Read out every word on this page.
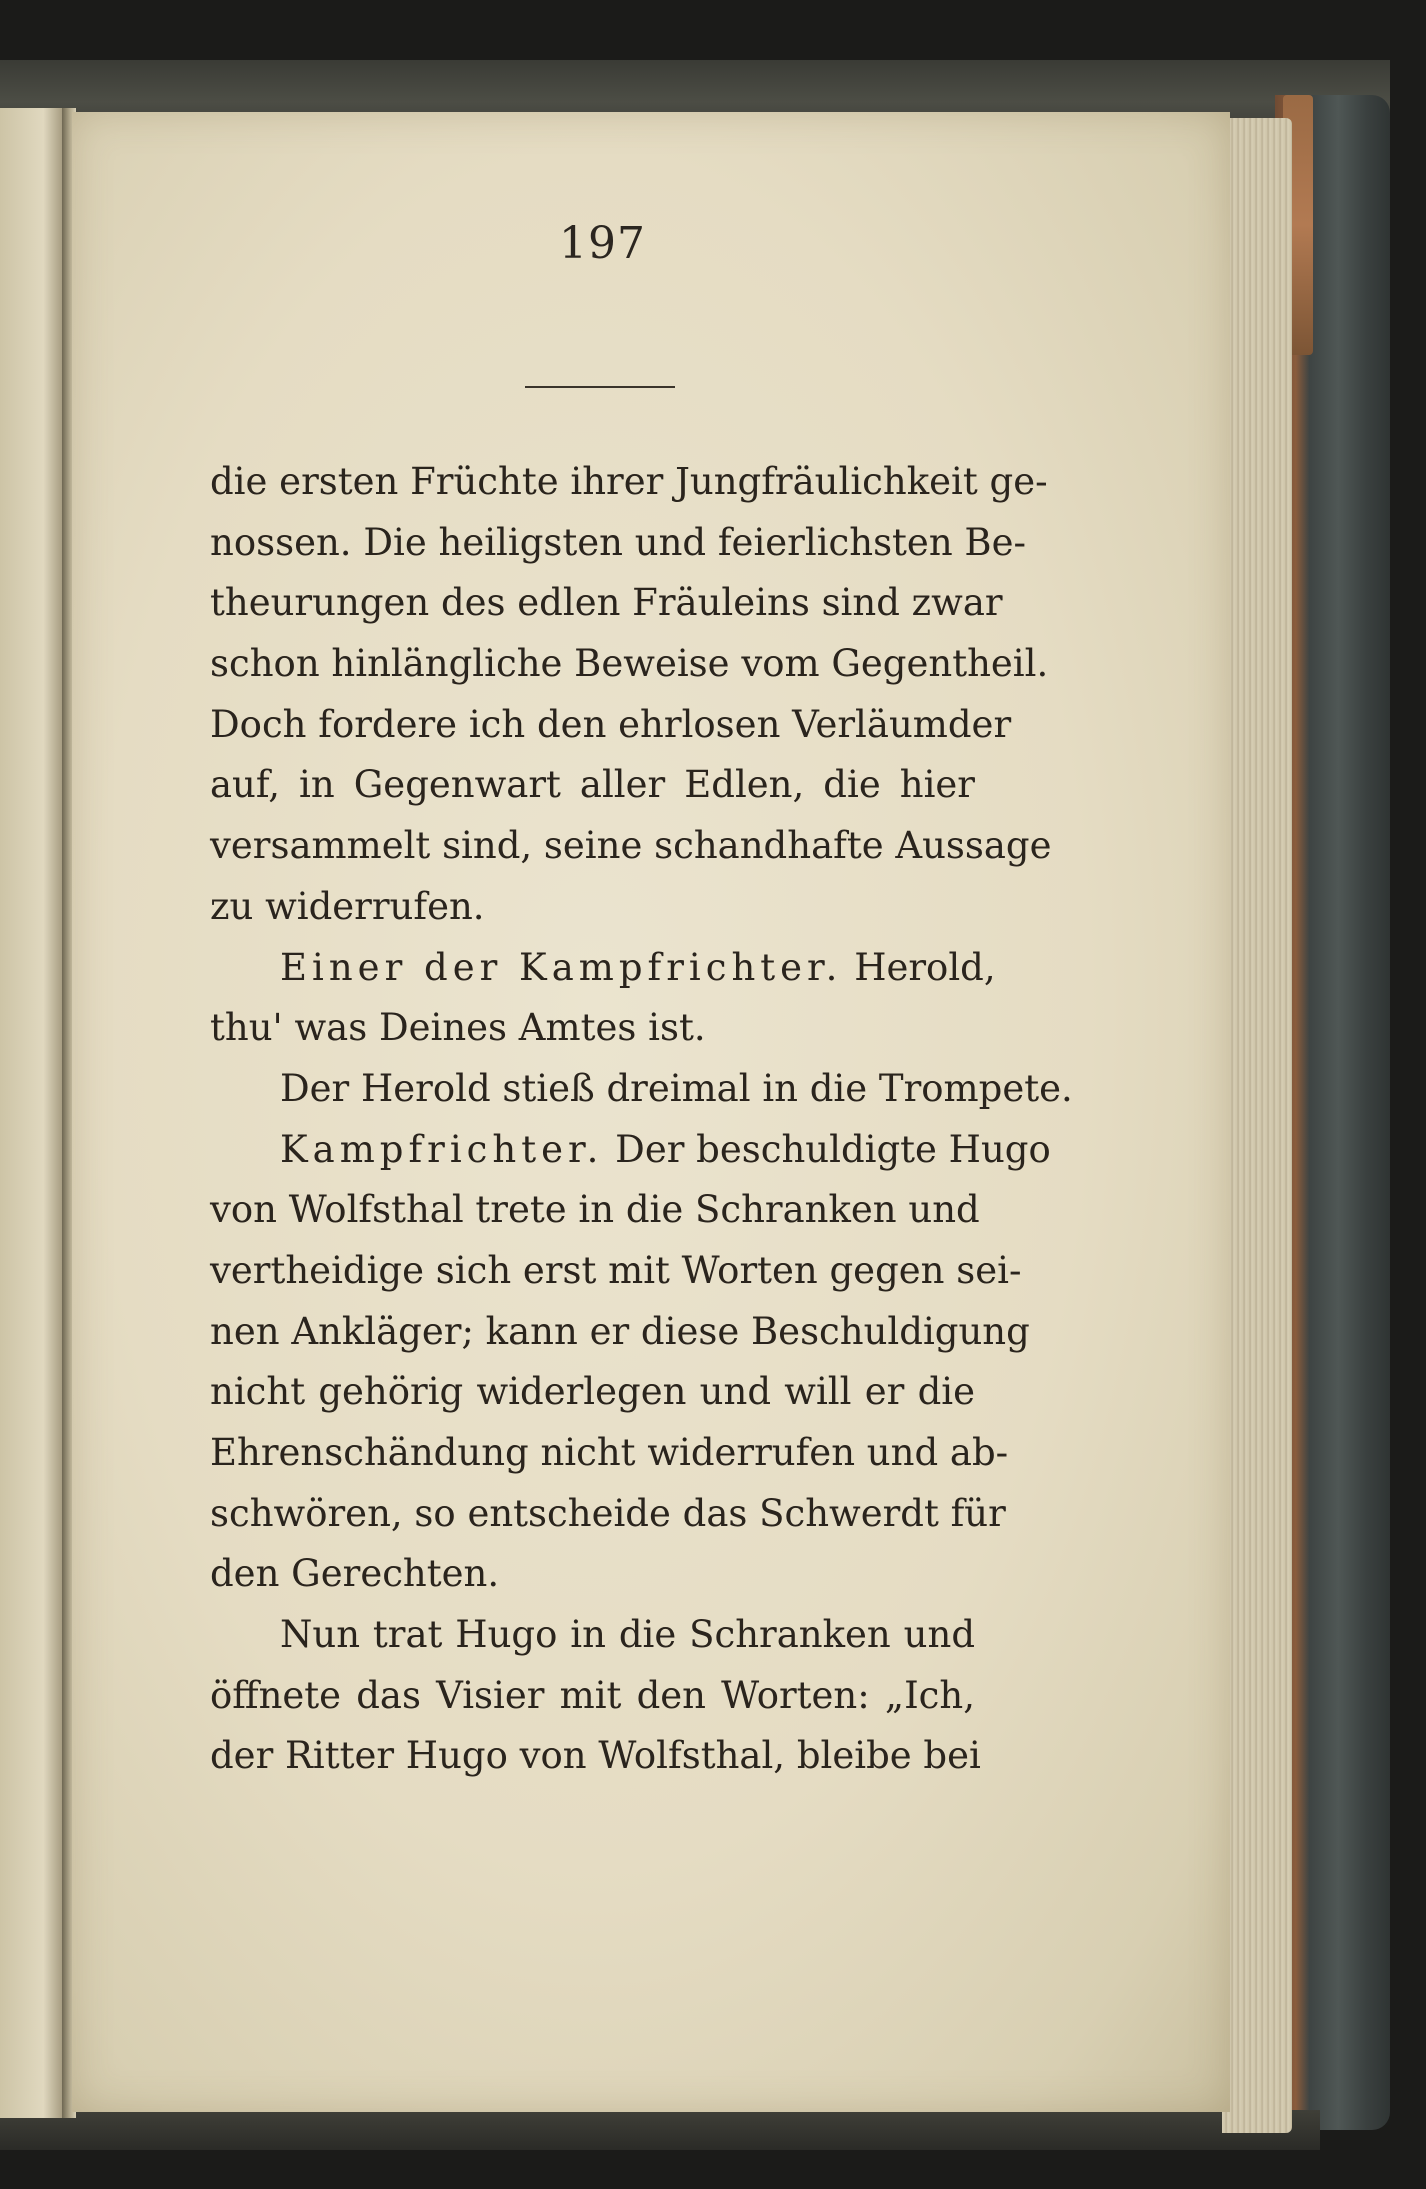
197
die ersten Früchte ihrer Jungfräulichkeit ge-
nossen. Die heiligsten und feierlichsten Be-
theurungen des edlen Fräuleins sind zwar
schon hinlängliche Beweise vom Gegentheil.
Doch fordere ich den ehrlosen Verläumder
auf, in Gegenwart aller Edlen, die hier
versammelt sind, seine schandhafte Aussage
zu widerrufen.
Einer der Kampfrichter. Herold,
thu' was Deines Amtes ist.
Der Herold stieß dreimal in die Trompete.
Kampfrichter. Der beschuldigte Hugo
von Wolfsthal trete in die Schranken und
vertheidige sich erst mit Worten gegen sei-
nen Ankläger; kann er diese Beschuldigung
nicht gehörig widerlegen und will er die
Ehrenschändung nicht widerrufen und ab-
schwören, so entscheide das Schwerdt für
den Gerechten.
Nun trat Hugo in die Schranken und
öffnete das Visier mit den Worten: „Ich,
der Ritter Hugo von Wolfsthal, bleibe bei
